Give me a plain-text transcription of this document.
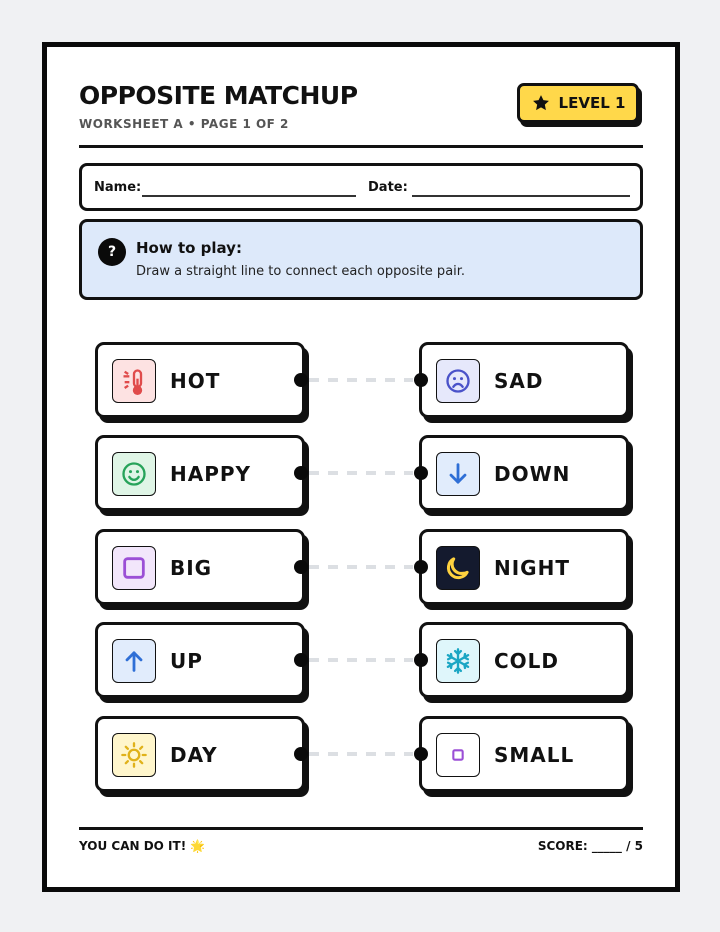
OPPOSITE MATCHUP
WORKSHEET A • PAGE 1 OF 2
LEVEL 1
Name:	Date:
?	How to play:
Draw a straight line to connect each opposite pair.
HOT
HAPPY
BIG
UP
DAY
SAD
DOWN
NIGHT
COLD
SMALL
YOU CAN DO IT! 🌟	SCORE: _____ / 5
